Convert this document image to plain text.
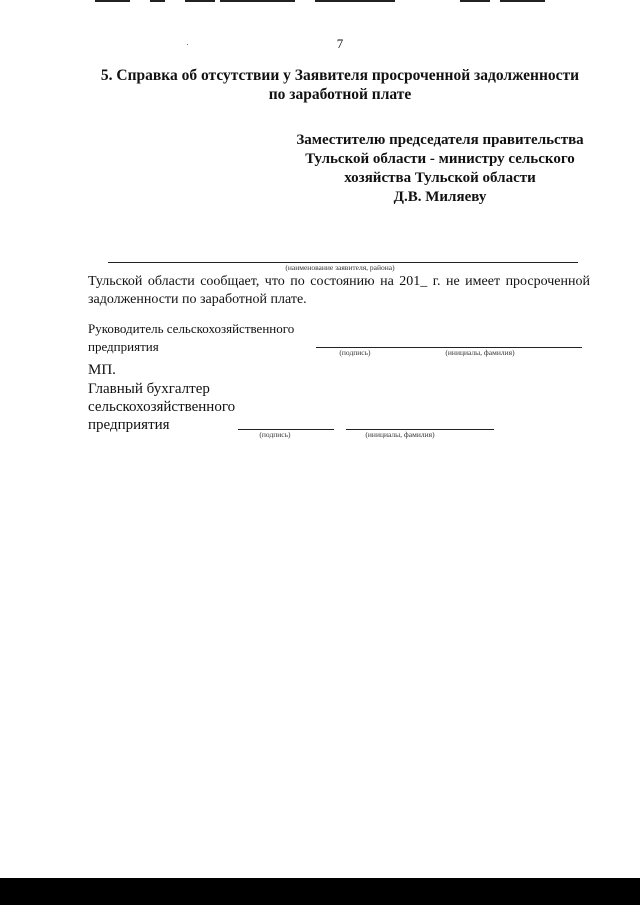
7
5. Справка об отсутствии у Заявителя просроченной задолженности
по заработной плате
Заместителю председателя правительства
Тульской области - министру сельского
хозяйства Тульской области
Д.В. Миляеву
(наименование заявителя, района)
Тульской области сообщает, что по состоянию на 201_ г. не имеет просроченной задолженности по заработной плате.
Руководитель сельскохозяйственного
предприятия	(подпись)	(инициалы, фамилия)
МП.
Главный бухгалтер
сельскохозяйственного
предприятия
(подпись)	(инициалы, фамилия)
